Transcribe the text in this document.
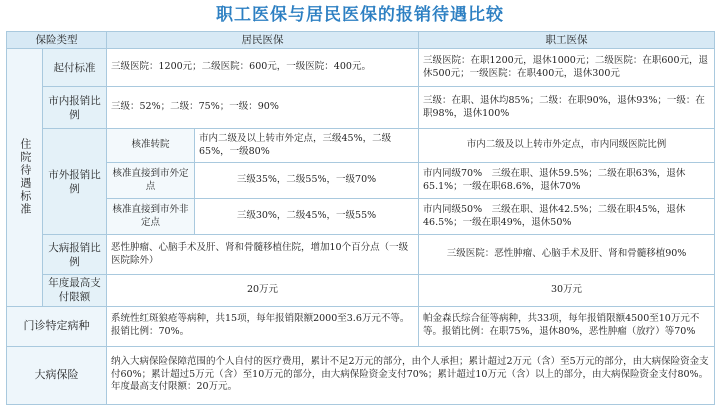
职工医保与居民医保的报销待遇比较
保险类型		居民医保		职工医保

住院待遇标准	起付标准	三级医院：1200元；二级医院：600元，一级医院：400元。		三级医院：在职1200元，退休1000元；二级医院：在职600元，退休500元；一级医院：在职400元，退休300元
	市内报销比例	三级：52%；二级：75%；一级：90%		三级：在职、退休均85%；二级：在职90%，退休93%；一级：在职98%，退休100%
	市外报销比例	核准转院	市内二级及以上转市外定点，三级45%，二级65%，一级80%	市内二级及以上转市外定点，市内同级医院比例
		核准直接到市外定点	三级35%，二级55%，一级70%	市内同级70%　三级在职、退休59.5%；二级在职63%，退休65.1%；一级在职68.6%，退休70%
		核准直接到市外非定点	三级30%，二级45%，一级55%	市内同级50%　三级在职、退休42.5%；二级在职45%，退休46.5%；一级在职49%，退休50%
	大病报销比例	恶性肿瘤、心脑手术及肝、肾和骨髓移植住院，增加10个百分点（一级医院除外）		三级医院：恶性肿瘤、心脑手术及肝、肾和骨髓移植90%
	年度最高支付限额	20万元		30万元
门诊特定病种		系统性红斑狼疮等病种，共15项，每年报销限额2000至3.6万元不等。报销比例：70%。		帕金森氏综合征等病种，共33项，每年报销限额4500至10万元不等。报销比例：在职75%，退休80%，恶性肿瘤（放疗）等70%
大病保险		纳入大病保险保障范围的个人自付的医疗费用，累计不足2万元的部分，由个人承担；累计超过2万元（含）至5万元的部分，由大病保险资金支付60%；累计超过5万元（含）至10万元的部分，由大病保险资金支付70%；累计超过10万元（含）以上的部分，由大病保险资金支付80%。年度最高支付限额：20万元。		
